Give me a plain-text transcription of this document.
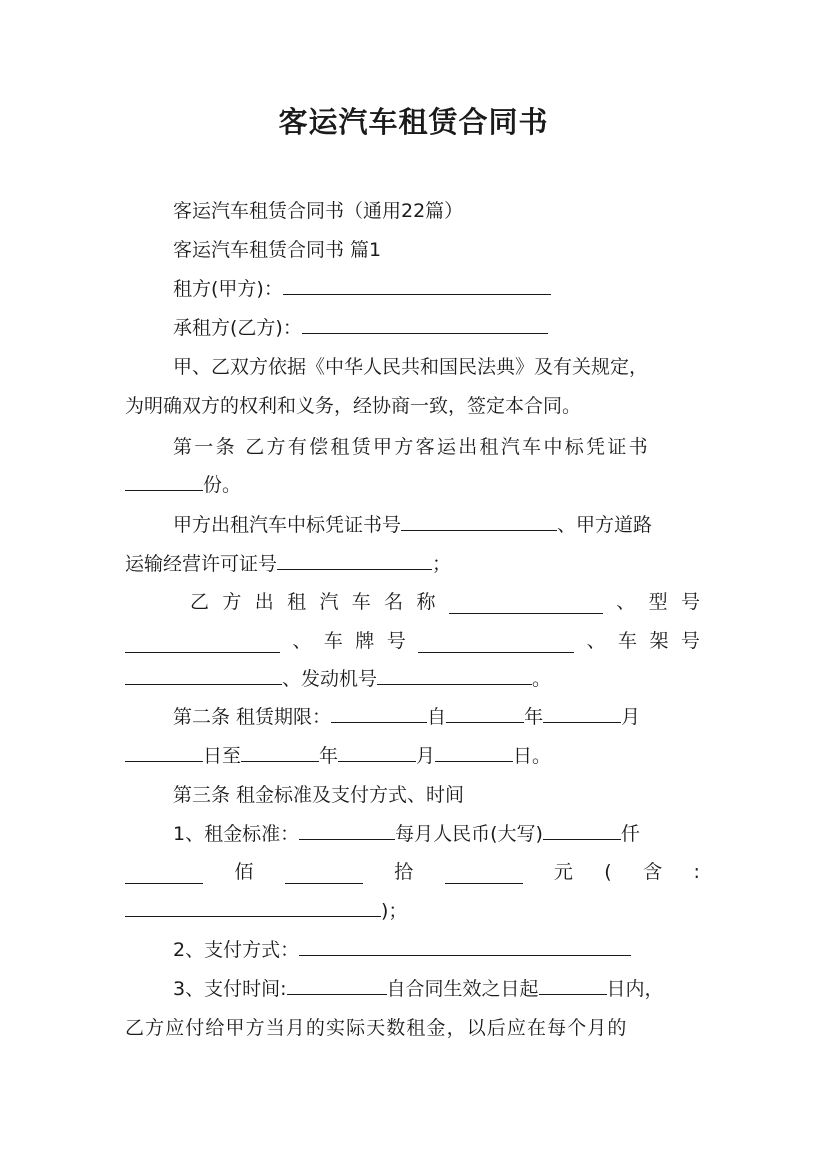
客运汽车租赁合同书
客运汽车租赁合同书（通用22篇）
客运汽车租赁合同书 篇1
租方(甲方)：
承租方(乙方)：
甲、乙双方依据《中华人民共和国民法典》及有关规定，
为明确双方的权利和义务，经协商一致，签定本合同。
第一条 乙方有偿租赁甲方客运出租汽车中标凭证书
份。
甲方出租汽车中标凭证书号	、甲方道路
运输经营许可证号	；
乙 方 出 租 汽 车 名 称	、 型 号
、 车 牌 号	、 车 架 号
、发动机号	。
第二条 租赁期限：	自	年	月
日至	年	月	日。
第三条 租金标准及支付方式、时间
1、租金标准：	每月人民币(大写)	仟
佰	拾	元 ( 含 :
)；
2、支付方式：
3、支付时间:	自合同生效之日起	日内，
乙方应付给甲方当月的实际天数租金，以后应在每个月的
